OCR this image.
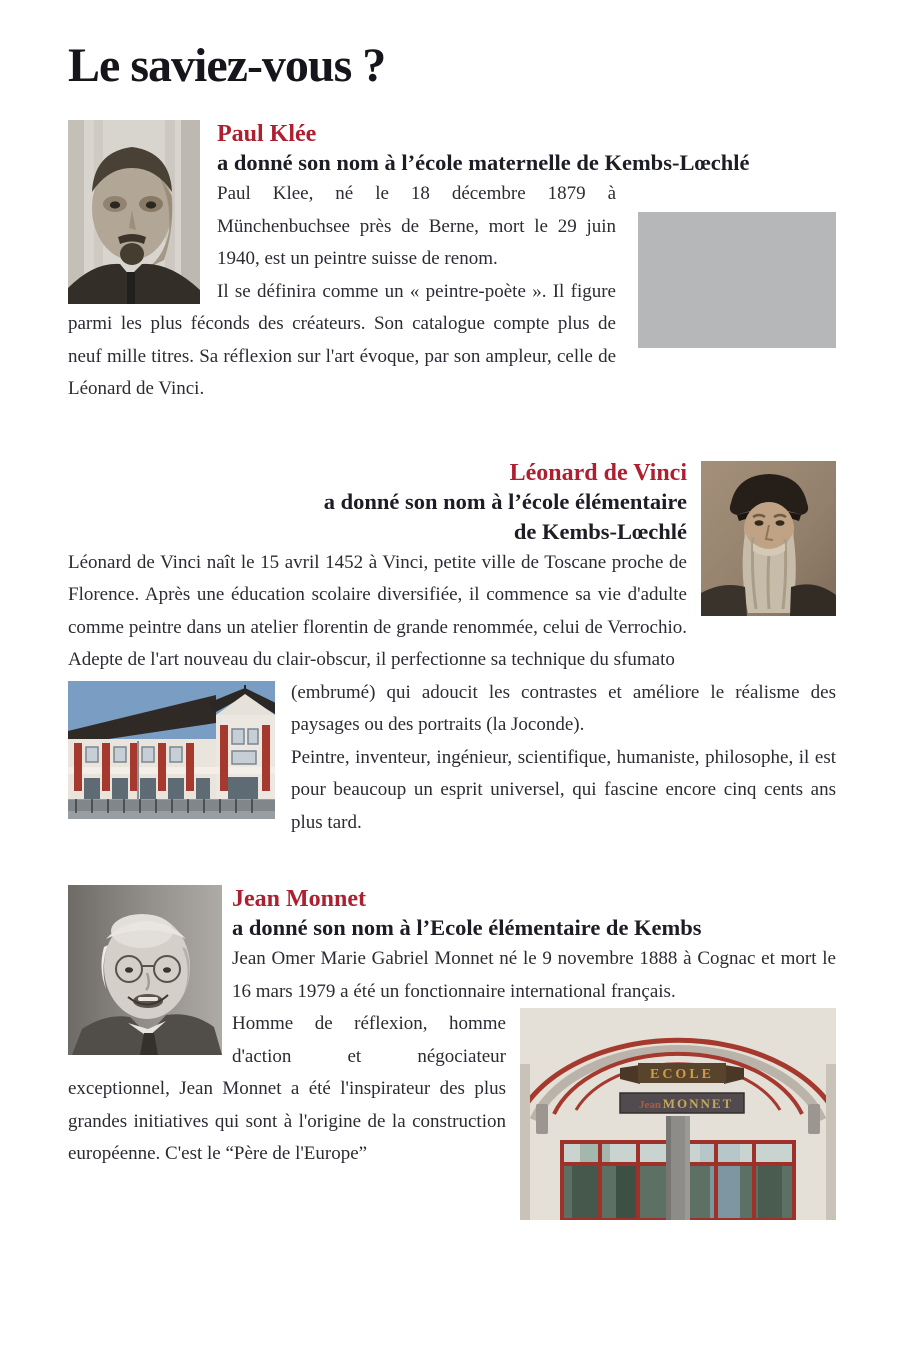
Le saviez-vous ?
Paul Klée
a donné son nom à l’école maternelle de Kembs-Lœchlé

Paul Klee, né le 18 décembre 1879 à Münchenbuchsee près de Berne, mort le 29 juin 1940, est un peintre suisse de renom.

Il se définira comme un « peintre-poète ». Il figure parmi les plus féconds des créateurs. Son catalogue compte plus de neuf mille titres. Sa réflexion sur l'art évoque, par son ampleur, celle de Léonard de Vinci.

Léonard de Vinci
a donné son nom à l’école élémentaire
de Kembs-Lœchlé

Léonard de Vinci naît le 15 avril 1452 à Vinci, petite ville de Toscane proche de Florence. Après une éducation scolaire diversifiée, il commence sa vie d'adulte comme peintre dans un atelier florentin de grande renommée, celui de Verrochio. Adepte de l'art nouveau du clair-obscur, il perfectionne sa technique du sfumato

(embrumé) qui adoucit les contrastes et améliore le réalisme des paysages ou des portraits (la Joconde).

Peintre, inventeur, ingénieur, scientifique, humaniste, philosophe, il est pour beaucoup un esprit universel, qui fascine encore cinq cents ans plus tard.

Jean Monnet
a donné son nom à l’Ecole élémentaire de Kembs

Jean Omer Marie Gabriel Monnet né le 9 novembre 1888 à Cognac et mort le 16 mars 1979 a été un fonctionnaire international français.

ECOLE
Jean MONNET

Homme de réflexion, homme d'action et négociateur exceptionnel, Jean Monnet a été l'inspirateur des plus grandes initiatives qui sont à l'origine de la construction européenne. C'est le “Père de l'Europe”
